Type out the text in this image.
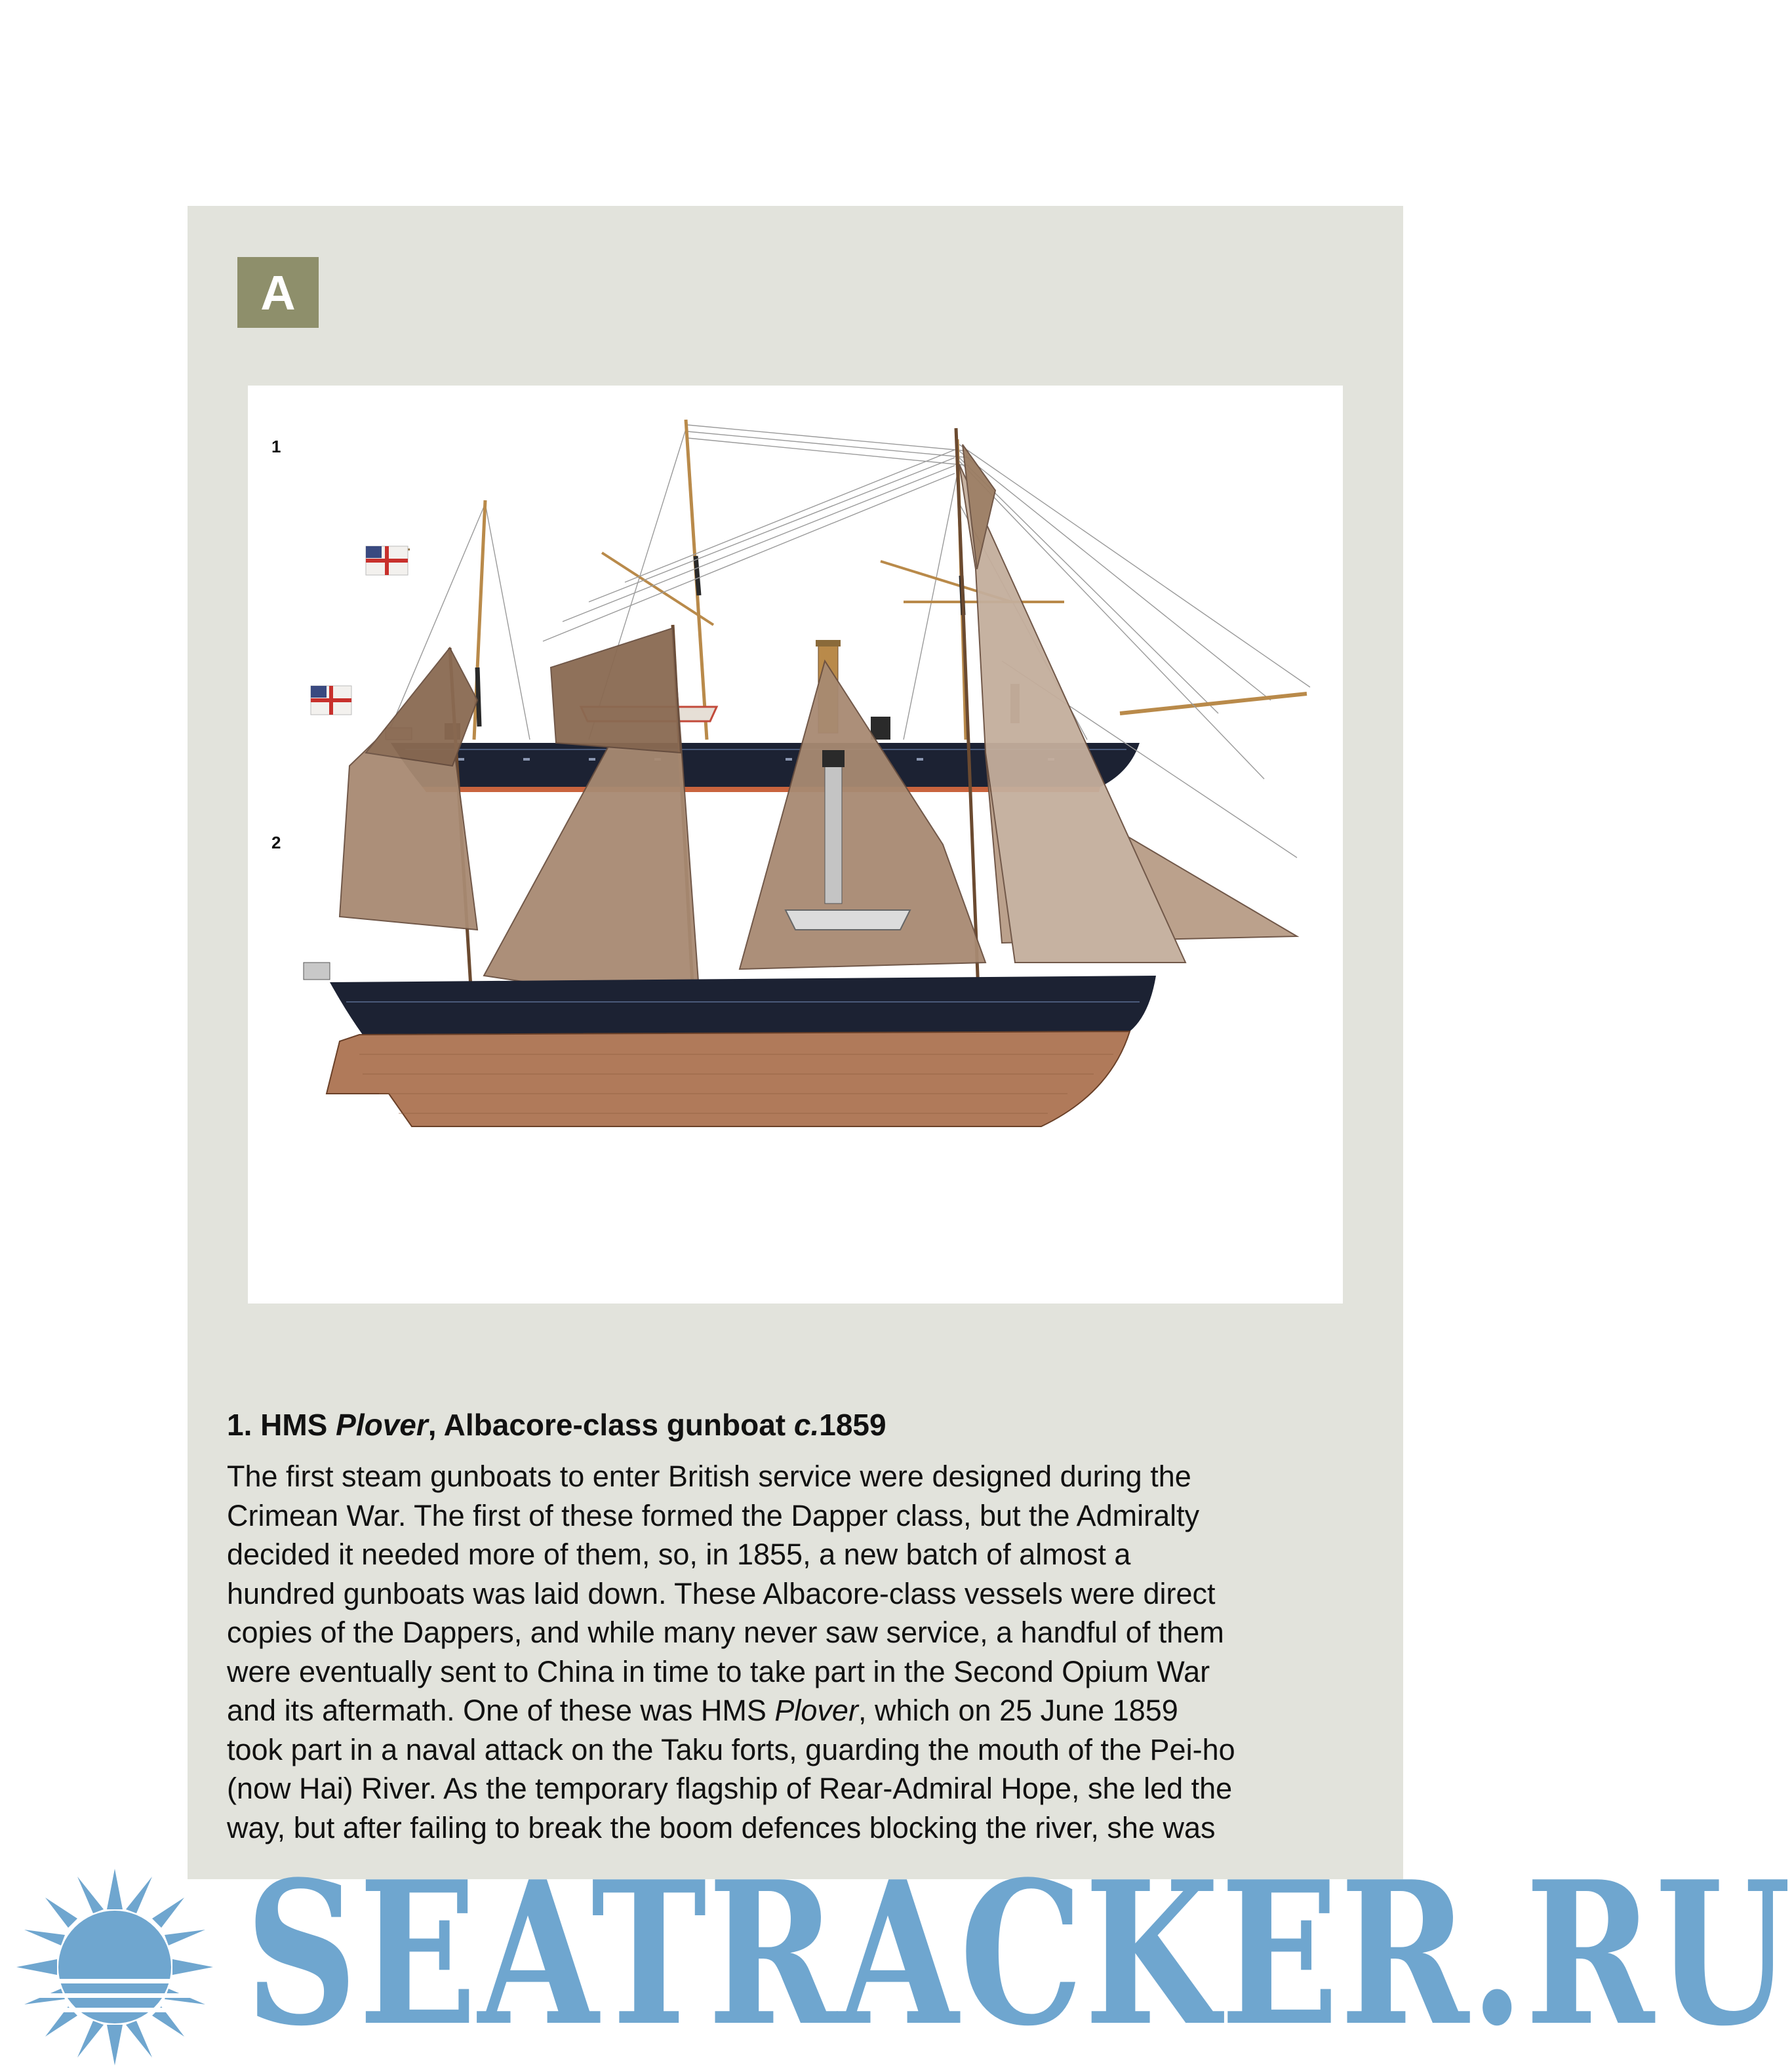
A
1
2
1. HMS Plover, Albacore-class gunboat c.1859

The first steam gunboats to enter British service were designed during the
Crimean War. The first of these formed the Dapper class, but the Admiralty
decided it needed more of them, so, in 1855, a new batch of almost a
hundred gunboats was laid down. These Albacore-class vessels were direct
copies of the Dappers, and while many never saw service, a handful of them
were eventually sent to China in time to take part in the Second Opium War
and its aftermath. One of these was HMS Plover, which on 25 June 1859
took part in a naval attack on the Taku forts, guarding the mouth of the Pei-ho
(now Hai) River. As the temporary flagship of Rear-Admiral Hope, she led the
way, but after failing to break the boom defences blocking the river, she was

SEATRACKER.RU
